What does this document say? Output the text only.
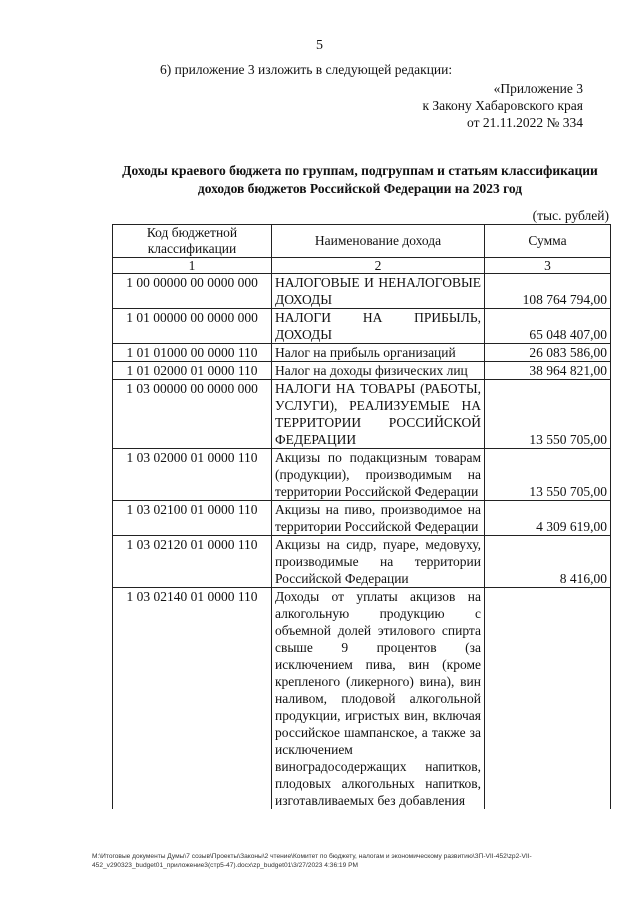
5
6) приложение 3 изложить в следующей редакции:
«Приложение 3
к Закону Хабаровского края
от 21.11.2022 № 334
Доходы краевого бюджета по группам, подгруппам и статьям классификации
доходов бюджетов Российской Федерации на 2023 год
(тыс. рублей)
Код бюджетной классификации	Наименование дохода	Сумма
1	2	3
1 00 00000 00 0000 000	НАЛОГОВЫЕ И НЕНАЛОГОВЫЕ ДОХОДЫ	108 764 794,00
1 01 00000 00 0000 000	НАЛОГИ НА ПРИБЫЛЬ, ДОХОДЫ	65 048 407,00
1 01 01000 00 0000 110	Налог на прибыль организаций	26 083 586,00
1 01 02000 01 0000 110	Налог на доходы физических лиц	38 964 821,00
1 03 00000 00 0000 000	НАЛОГИ НА ТОВАРЫ (РАБОТЫ, УСЛУГИ), РЕАЛИЗУЕМЫЕ НА ТЕРРИТОРИИ РОССИЙСКОЙ ФЕДЕРАЦИИ	13 550 705,00
1 03 02000 01 0000 110	Акцизы по подакцизным товарам (продукции), производимым на территории Российской Федерации	13 550 705,00
1 03 02100 01 0000 110	Акцизы на пиво, производимое на территории Российской Федерации	4 309 619,00
1 03 02120 01 0000 110	Акцизы на сидр, пуаре, медовуху, производимые на территории Российской Федерации	8 416,00
1 03 02140 01 0000 110	Доходы от уплаты акцизов на алкогольную продукцию с объемной долей этилового спирта свыше 9 процентов (за исключением пива, вин (кроме крепленого (ликерного) вина), вин наливом, плодовой алкогольной продукции, игристых вин, включая российское шампанское, а также за исключением виноградосодержащих напитков, плодовых алкогольных напитков, изготавливаемых без добавления	
M:\Итоговые документы Думы\7 созыв\Проекты\Законы\2 чтение\Комитет по бюджету, налогам и экономическому развитию\ЗП-VII-452\zp2-VII-
452_v290323_budget01_приложение3(стр5-47).docx\zp_budget01\3/27/2023 4:36:19 PM
